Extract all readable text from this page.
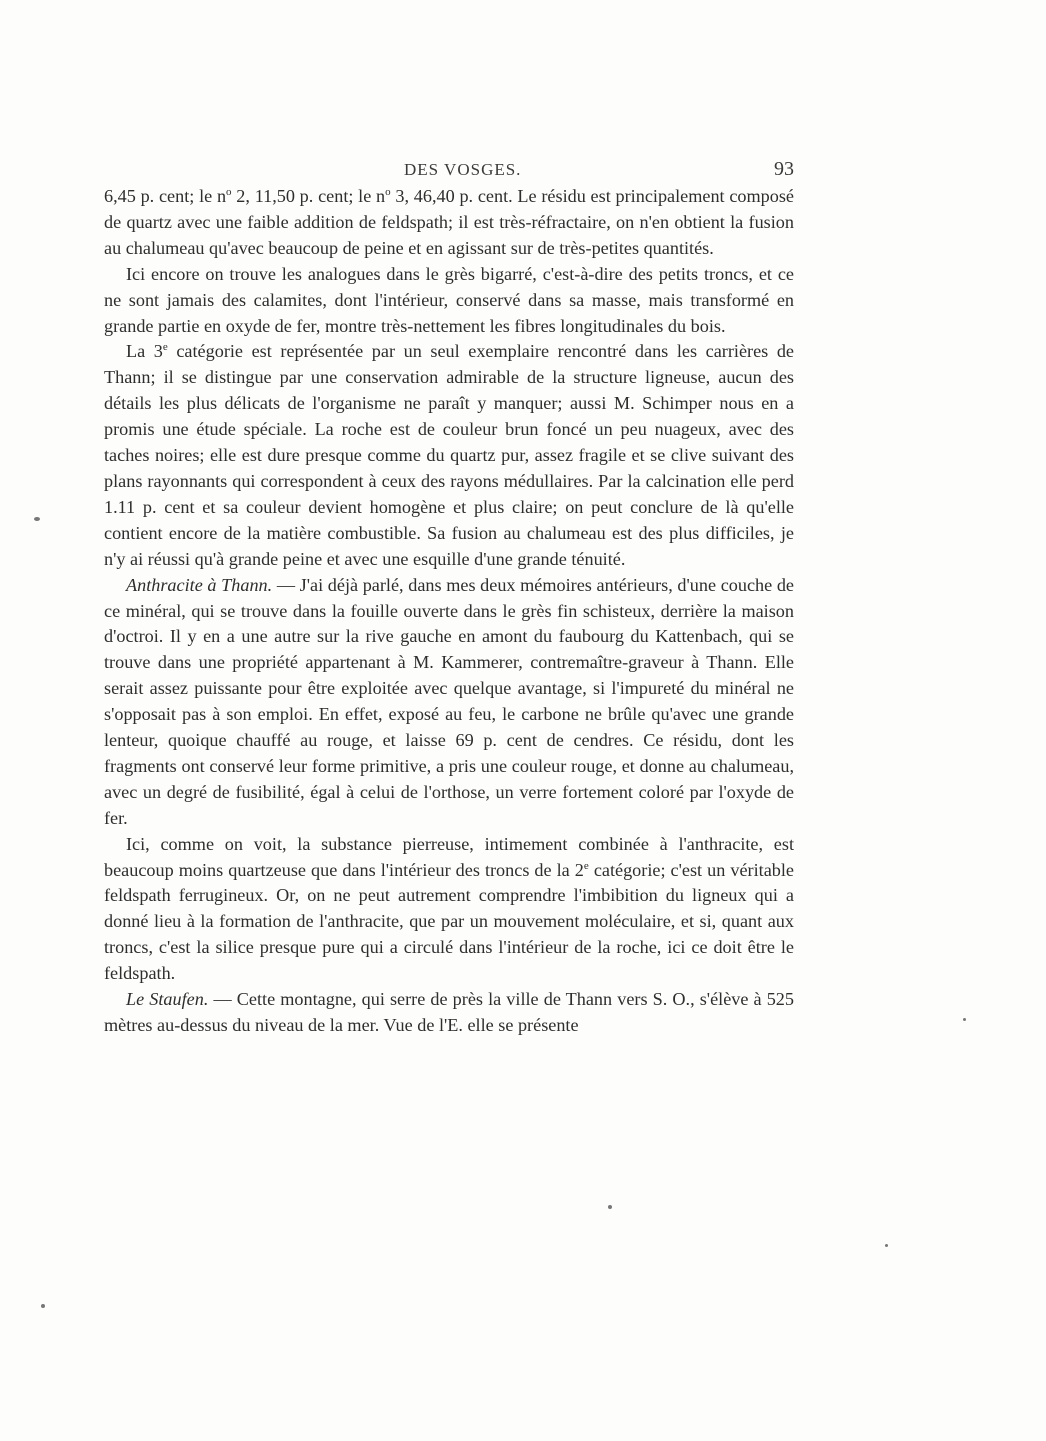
DES VOSGES.	93

6,45 p. cent; le $n^o$ 2, 11,50 p. cent; le $n^o$ 3, 46,40 p. cent. Le résidu est principalement composé de quartz avec une faible addition de feldspath; il est très-réfractaire, on n'en obtient la fusion au chalumeau qu'avec beaucoup de peine et en agissant sur de très-petites quantités.

Ici encore on trouve les analogues dans le grès bigarré, c'est-à-dire des petits troncs, et ce ne sont jamais des calamites, dont l'intérieur, conservé dans sa masse, mais transformé en grande partie en oxyde de fer, montre très-nettement les fibres longitudinales du bois.

La 3e catégorie est représentée par un seul exemplaire rencontré dans les carrières de Thann; il se distingue par une conservation admirable de la structure ligneuse, aucun des détails les plus délicats de l'organisme ne paraît y manquer; aussi M. Schimper nous en a promis une étude spéciale. La roche est de couleur brun foncé un peu nuageux, avec des taches noires; elle est dure presque comme du quartz pur, assez fragile et se clive suivant des plans rayonnants qui correspondent à ceux des rayons médullaires. Par la calcination elle perd 1.11 p. cent et sa couleur devient homogène et plus claire; on peut conclure de là qu'elle contient encore de la matière combustible. Sa fusion au chalumeau est des plus difficiles, je n'y ai réussi qu'à grande peine et avec une esquille d'une grande ténuité.

Anthracite à Thann. — J'ai déjà parlé, dans mes deux mémoires antérieurs, d'une couche de ce minéral, qui se trouve dans la fouille ouverte dans le grès fin schisteux, derrière la maison d'octroi. Il y en a une autre sur la rive gauche en amont du faubourg du Kattenbach, qui se trouve dans une propriété appartenant à M. Kammerer, contremaître-graveur à Thann. Elle serait assez puissante pour être exploitée avec quelque avantage, si l'impureté du minéral ne s'opposait pas à son emploi. En effet, exposé au feu, le carbone ne brûle qu'avec une grande lenteur, quoique chauffé au rouge, et laisse 69 p. cent de cendres. Ce résidu, dont les fragments ont conservé leur forme primitive, a pris une couleur rouge, et donne au chalumeau, avec un degré de fusibilité, égal à celui de l'orthose, un verre fortement coloré par l'oxyde de fer.

Ici, comme on voit, la substance pierreuse, intimement combinée à l'anthracite, est beaucoup moins quartzeuse que dans l'intérieur des troncs de la 2e catégorie; c'est un véritable feldspath ferrugineux. Or, on ne peut autrement comprendre l'imbibition du ligneux qui a donné lieu à la formation de l'anthracite, que par un mouvement moléculaire, et si, quant aux troncs, c'est la silice presque pure qui a circulé dans l'intérieur de la roche, ici ce doit être le feldspath.

Le Staufen. — Cette montagne, qui serre de près la ville de Thann vers S. O., s'élève à 525 mètres au-dessus du niveau de la mer. Vue de l'E. elle se présente
